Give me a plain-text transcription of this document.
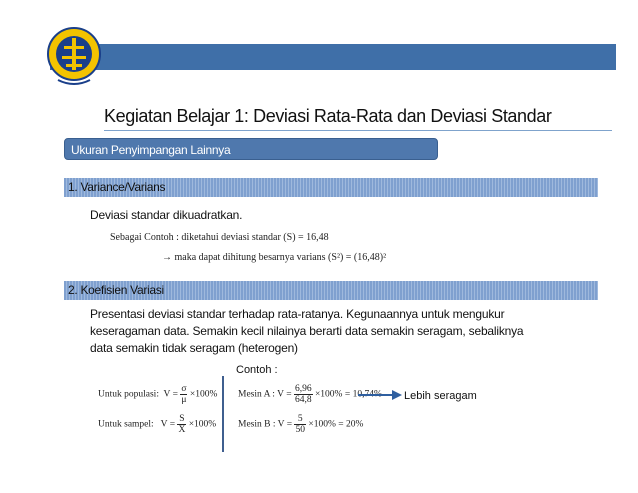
Kegiatan Belajar 1: Deviasi Rata-Rata dan Deviasi Standar
Ukuran Penyimpangan Lainnya
1. Variance/Varians
Deviasi standar dikuadratkan.
Sebagai Contoh : diketahui deviasi standar (S) = 16,48
→ maka dapat dihitung besarnya varians (S²) = (16,48)²
2. Koefisien Variasi
Presentasi deviasi standar terhadap rata-ratanya. Kegunaannya untuk mengukur
keseragaman data. Semakin kecil nilainya berarti data semakin seragam, sebaliknya
data semakin tidak seragam (heterogen)
Contoh :
Untuk populasi:  $V = \frac{\sigma}{\mu} \times 100\%$
Untuk sampel:   $V = \frac{S}{X̄} \times 100\%$
Mesin A : $V = \frac{6,96}{64,8} \times 100\% = 10,74\%$
Mesin B : $V = \frac{5}{50} \times 100\% = 20\%$
Lebih seragam
